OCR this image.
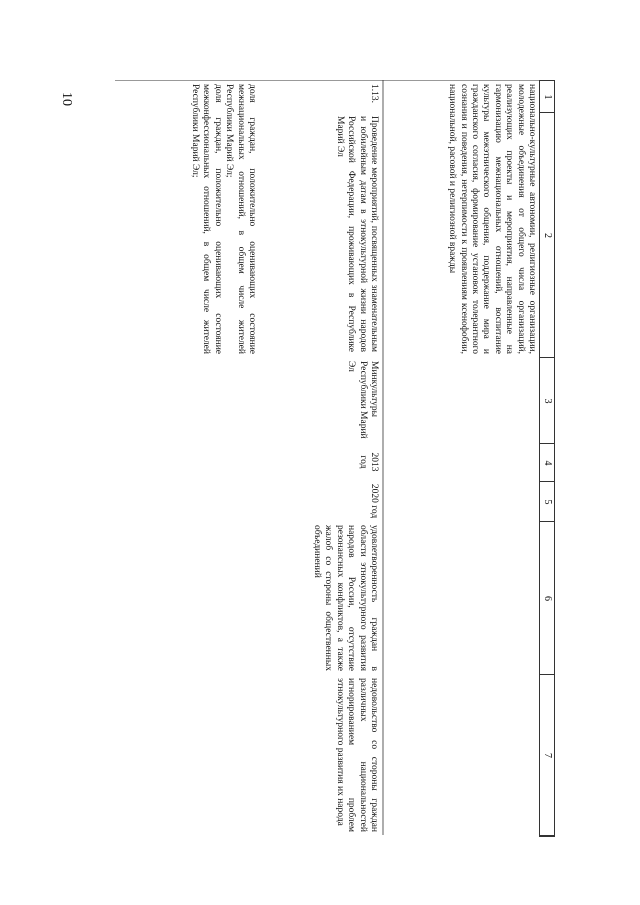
10	1
2
3
4
5
6
7
национально-культурные автономии, религиозные организации, молодежные объединения от общего числа организаций, реализующих проекты и мероприятия, направленные на гармонизацию межнациональных отношений, воспитание культуры межэтнического общения, поддержание мира и гражданского согласия, формирование установок толерантного сознания и поведения, нетерпимости к проявлениям ксенофобии, национальной, расовой и религиозной вражды
1.13.
Проведение мероприятий, посвященных знаменательным и юбилейным датам в этнокультурной жизни народов Российской Федерации, проживающих в Республике Марий Эл
Минкультуры Республики Марий Эл
2013 год
2020 год
удовлетворенность граждан в области этнокультурного развития народов России, отсутствие резонансных конфликтов, а также жалоб со стороны общественных объединений
недовольство со стороны граждан различных национальностей игнорированием проблем этнокультурного развития их народа
доля граждан, положительно оценивающих состояние межнациональных отношений, в общем числе жителей Республики Марий Эл;
доля граждан, положительно оценивающих состояние межконфессиональных отношений, в общем числе жителей Республики Марий Эл;
